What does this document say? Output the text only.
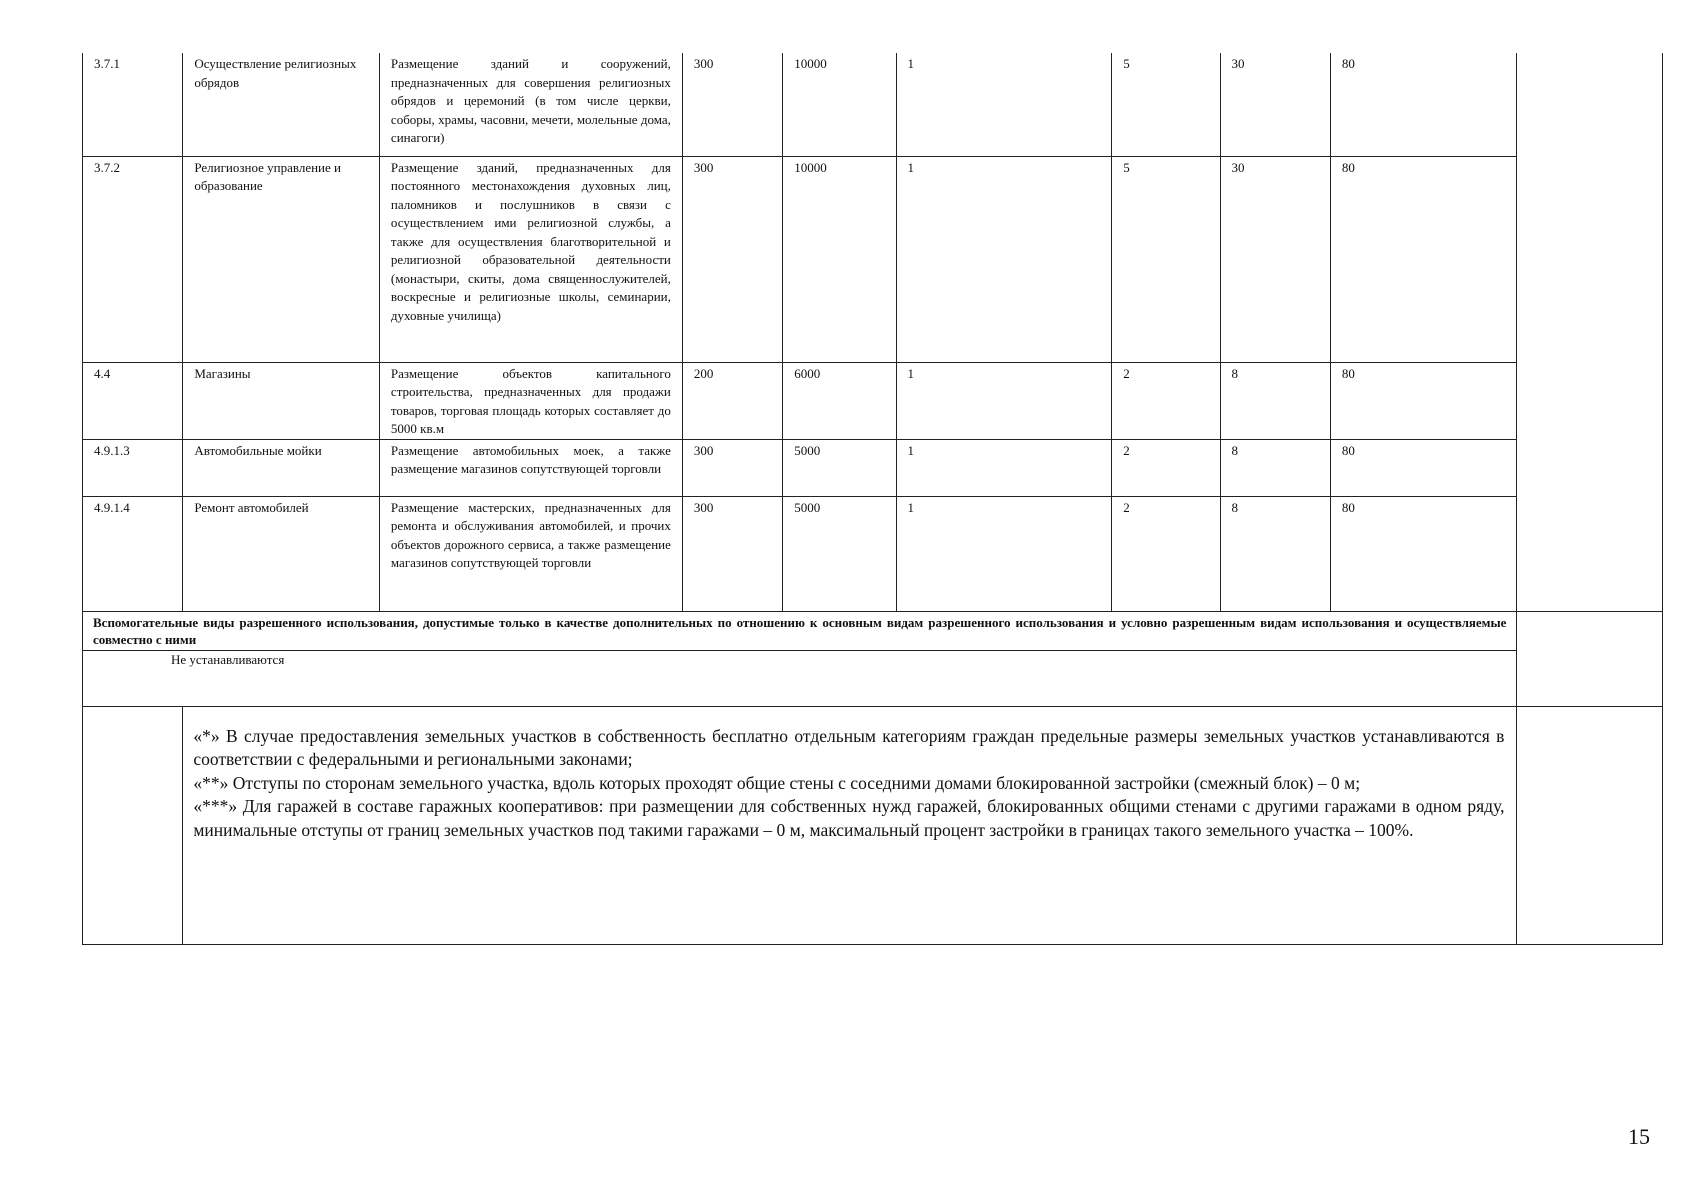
3.7.1	Осуществление религиозных обрядов	Размещение зданий и сооружений, предназначенных для совершения религиозных обрядов и церемоний (в том числе церкви, соборы, храмы, часовни, мечети, молельные дома, синагоги)	300	10000	1	5	30	80	
3.7.2	Религиозное управление и образование	Размещение зданий, предназначенных для постоянного местонахождения духовных лиц, паломников и послушников в связи с осуществлением ими религиозной службы, а также для осуществления благотворительной и религиозной образовательной деятельности (монастыри, скиты, дома священнослужителей, воскресные и религиозные школы, семинарии, духовные училища)	300	10000	1	5	30	80	
4.4	Магазины	Размещение объектов капитального строительства, предназначенных для продажи товаров, торговая площадь которых составляет до 5000 кв.м	200	6000	1	2	8	80	
4.9.1.3	Автомобильные мойки	Размещение автомобильных моек, а также размещение магазинов сопутствующей торговли	300	5000	1	2	8	80	
4.9.1.4	Ремонт автомобилей	Размещение мастерских, предназначенных для ремонта и обслуживания автомобилей, и прочих объектов дорожного сервиса, а также размещение магазинов сопутствующей торговли	300	5000	1	2	8	80	

Вспомогательные виды разрешенного использования, допустимые только в качестве дополнительных по отношению к основным видам разрешенного использования и условно разрешенным видам использования и осуществляемые совместно с ними
	Не устанавливаются

«*» В случае предоставления земельных участков в собственность бесплатно отдельным категориям граждан предельные размеры земельных участков устанавливаются в соответствии с федеральными и региональными законами;
«**» Отступы по сторонам земельного участка, вдоль которых проходят общие стены с соседними домами блокированной застройки (смежный блок) – 0 м;
«***» Для гаражей в составе гаражных кооперативов: при размещении для собственных нужд гаражей, блокированных общими стенами с другими гаражами в одном ряду, минимальные отступы от границ земельных участков под такими гаражами – 0 м, максимальный процент застройки в границах такого земельного участка – 100%.

15
